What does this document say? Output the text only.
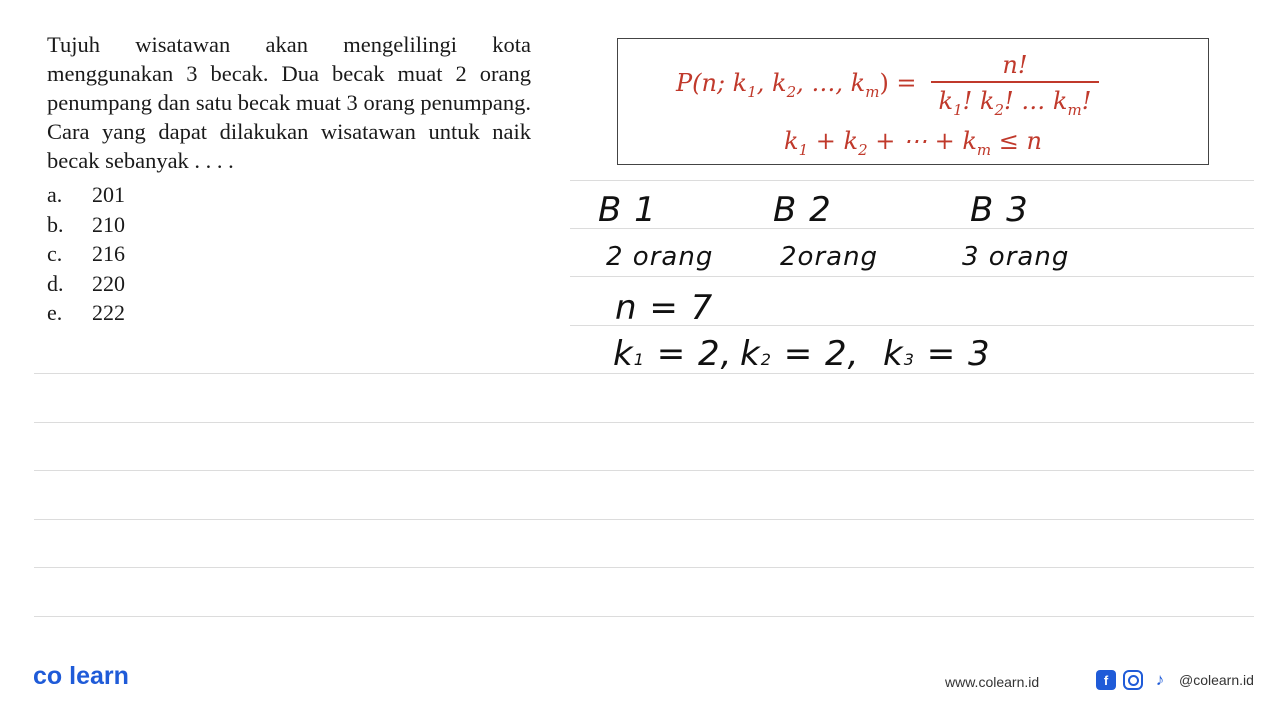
Tujuh wisatawan akan mengelilingi kota menggunakan 3 becak. Dua becak muat 2 orang penumpang dan satu becak muat 3 orang penumpang. Cara yang dapat dilakukan wisatawan untuk naik becak sebanyak . . . .
a.	201
b.	210
c.	216
d.	220
e.	222
P(n; $k_1$, $k_2$, …, $k_m) = \frac{n!}{k_1! k_2! \dots k_m!}$
$k_1 + k_2$ + ⋯ + $k_m \le n$
B 1	B 2	B 3
2 orang	2orang	3 orang
n = 7
k1 = 2, k2 = 2, k3 = 3
co learn	www.colearn.id	f	♪	@colearn.id
